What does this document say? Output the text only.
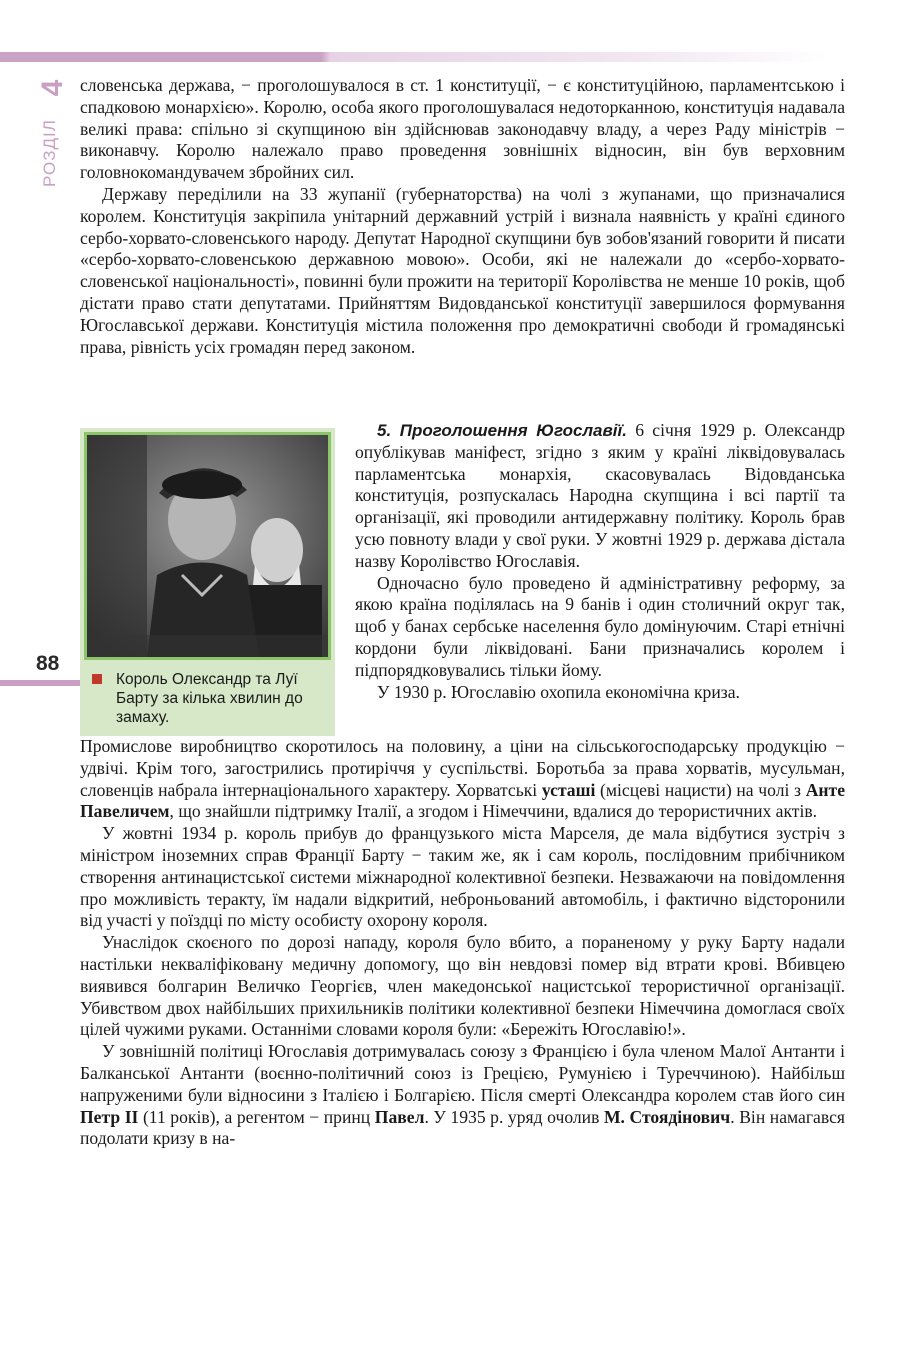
4
РОЗДІЛ
88

словенська держава, − проголошувалося в ст. 1 конституції, − є конституційною, парламентською і спадковою монархією». Королю, особа якого проголошувалася недоторканною, конституція надавала великі права: спільно зі скупщиною він здійснював законодавчу владу, а через Раду міністрів − виконавчу. Королю належало право проведення зовнішніх відносин, він був верховним головнокомандувачем збройних сил.

Державу переділили на 33 жупанії (губернаторства) на чолі з жупанами, що призначалися королем. Конституція закріпила унітарний державний устрій і визнала наявність у країні єдиного сербо-хорвато-словенського народу. Депутат Народної скупщини був зобов'язаний говорити й писати «сербо-хорвато-словенською державною мовою». Особи, які не належали до «сербо-хорвато-словенської національності», повинні були прожити на території Королівства не менше 10 років, щоб дістати право стати депутатами. Прийняттям Видовданської конституції завершилося формування Югославської держави. Конституція містила положення про демократичні свободи й громадянські права, рівність усіх громадян перед законом.

Король Олександр та Луї Барту за кілька хвилин до замаху.

5. Проголошення Югославії. 6 січня 1929 р. Олександр опублікував маніфест, згідно з яким у країні ліквідовувалась парламентська монархія, скасовувалась Відовданська конституція, розпускалась Народна скупщина і всі партії та організації, які проводили антидержавну політику. Король брав усю повноту влади у свої руки. У жовтні 1929 р. держава дістала назву Королівство Югославія.

Одночасно було проведено й адміністративну реформу, за якою країна поділялась на 9 банів і один столичний округ так, щоб у банах сербське населення було домінуючим. Старі етнічні кордони були ліквідовані. Бани призначались королем і підпорядковувались тільки йому.

У 1930 р. Югославію охопила економічна криза.

Промислове виробництво скоротилось на половину, а ціни на сільськогосподарську продукцію − удвічі. Крім того, загострились протиріччя у суспільстві. Боротьба за права хорватів, мусульман, словенців набрала інтернаціонального характеру. Хорватські усташі (місцеві нацисти) на чолі з Анте Павеличем, що знайшли підтримку Італії, а згодом і Німеччини, вдалися до терористичних актів.

У жовтні 1934 р. король прибув до французького міста Марселя, де мала відбутися зустріч з міністром іноземних справ Франції Барту − таким же, як і сам король, послідовним прибічником створення антинацистської системи міжнародної колективної безпеки. Незважаючи на повідомлення про можливість теракту, їм надали відкритий, неброньований автомобіль, і фактично відсторонили від участі у поїздці по місту особисту охорону короля.

Унаслідок скоєного по дорозі нападу, короля було вбито, а пораненому у руку Барту надали настільки некваліфіковану медичну допомогу, що він невдовзі помер від втрати крові. Вбивцею виявився болгарин Величко Георгієв, член македонської нацистської терористичної організації. Убивством двох найбільших прихильників політики колективної безпеки Німеччина домоглася своїх цілей чужими руками. Останніми словами короля були: «Бережіть Югославію!».

У зовнішній політиці Югославія дотримувалась союзу з Францією і була членом Малої Антанти і Балканської Антанти (воєнно-політичний союз із Грецією, Румунією і Туреччиною). Найбільш напруженими були відносини з Італією і Болгарією. Після смерті Олександра королем став його син Петр II (11 років), а регентом − принц Павел. У 1935 р. уряд очолив М. Стоядінович. Він намагався подолати кризу в на-
